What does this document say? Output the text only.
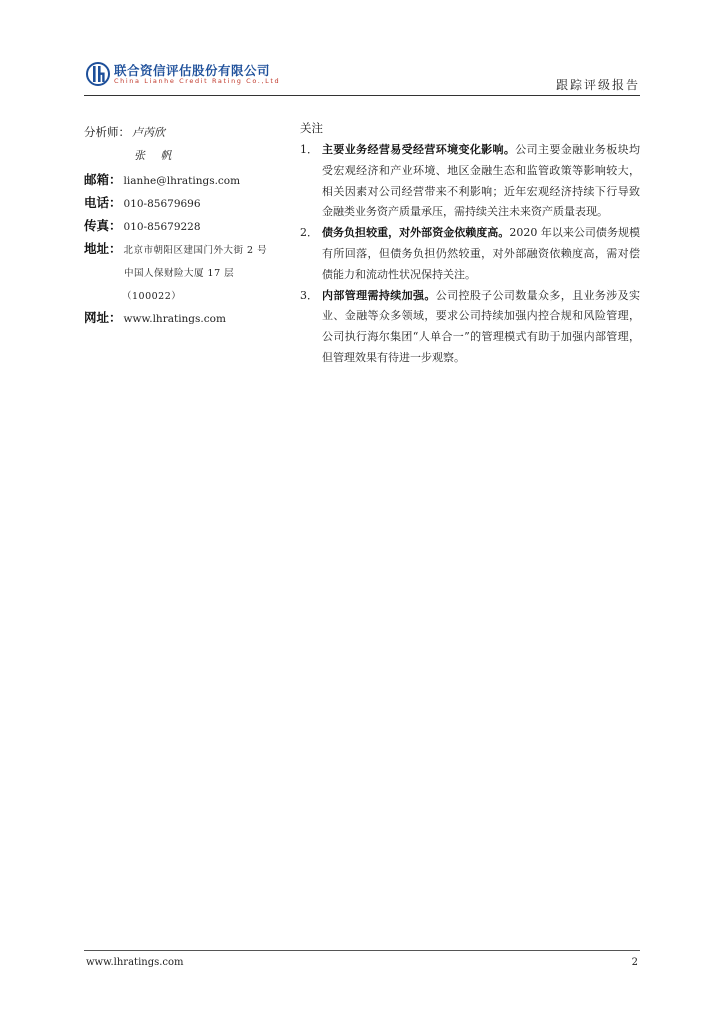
联合资信评估股份有限公司
China Lianhe Credit Rating Co.,Ltd	跟踪评级报告
分析师： 卢芮欣
张 帆
邮箱： lianhe@lhratings.com
电话： 010-85679696
传真： 010-85679228
地址： 北京市朝阳区建国门外大街 2 号
中国人保财险大厦 17 层
（100022）
网址： www.lhratings.com
关注
1． 主要业务经营易受经营环境变化影响。公司主要金融业务板块均受宏观经济和产业环境、地区金融生态和监管政策等影响较大，相关因素对公司经营带来不利影响；近年宏观经济持续下行导致金融类业务资产质量承压，需持续关注未来资产质量表现。
2． 债务负担较重，对外部资金依赖度高。2020 年以来公司债务规模有所回落，但债务负担仍然较重，对外部融资依赖度高，需对偿债能力和流动性状况保持关注。
3． 内部管理需持续加强。公司控股子公司数量众多，且业务涉及实业、金融等众多领域，要求公司持续加强内控合规和风险管理，公司执行海尔集团“人单合一”的管理模式有助于加强内部管理，但管理效果有待进一步观察。
www.lhratings.com	2
